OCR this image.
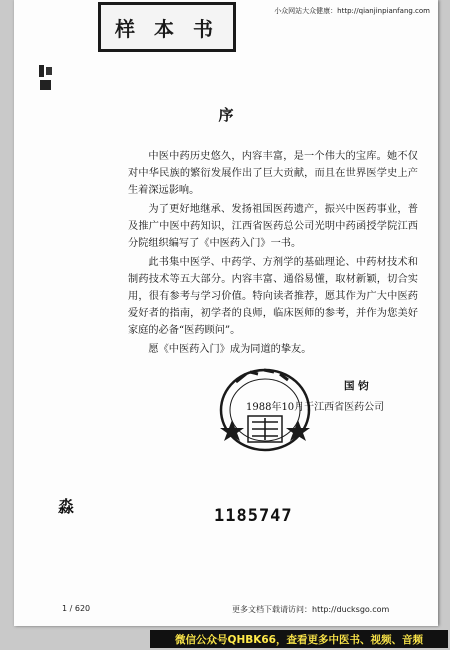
样 本 书
小众网站大众健康：http://qianjinpianfang.com
序

中医中药历史悠久，内容丰富，是一个伟大的宝库。她不仅对中华民族的繁衍发展作出了巨大贡献，而且在世界医学史上产生着深远影响。

为了更好地继承、发扬祖国医药遗产，振兴中医药事业，普及推广中医中药知识，江西省医药总公司光明中药函授学院江西分院组织编写了《中医药入门》一书。

此书集中医学、中药学、方剂学的基础理论、中药材技术和制药技术等五大部分。内容丰富、通俗易懂，取材新颖，切合实用，很有参考与学习价值。特向读者推荐，愿其作为广大中医药爱好者的指南，初学者的良师，临床医师的参考，并作为您美好家庭的必备“医药顾问”。

愿《中医药入门》成为同道的挚友。

国 钧
1988年10月于江西省医药公司
淼	1185747
1 / 620	更多文档下载请访问：http://ducksgo.com
微信公众号QHBK66，查看更多中医书、视频、音频
